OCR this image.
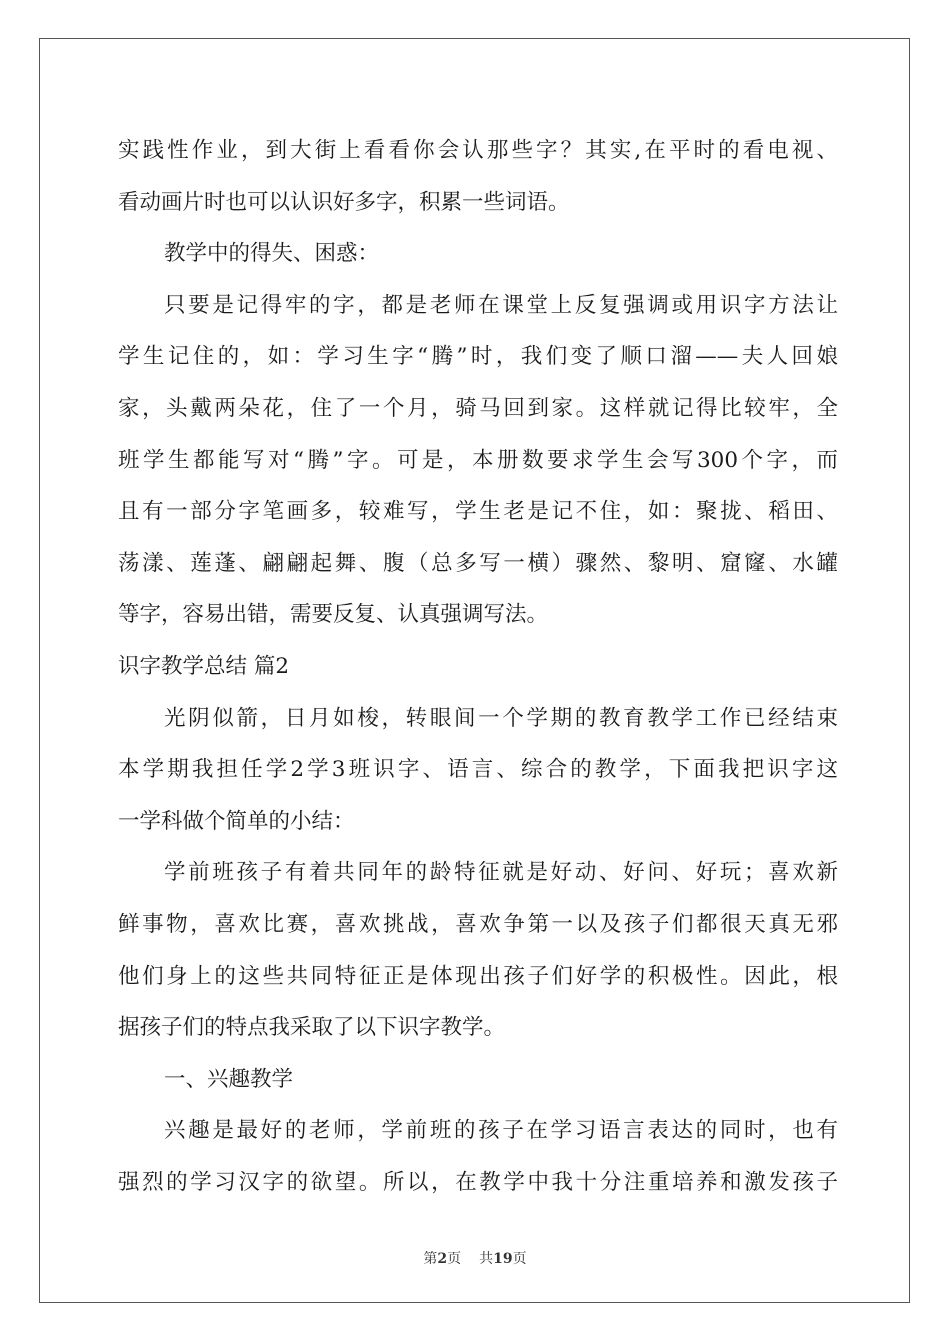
实践性作业，到大街上看看你会认那些字？其实,在平时的看电视、
看动画片时也可以认识好多字，积累一些词语。
教学中的得失、困惑：
只要是记得牢的字，都是老师在课堂上反复强调或用识字方法让
学生记住的，如：学习生字“腾”时，我们变了顺口溜——夫人回娘
家，头戴两朵花，住了一个月，骑马回到家。这样就记得比较牢，全
班学生都能写对“腾”字。可是，本册数要求学生会写300个字，而
且有一部分字笔画多，较难写，学生老是记不住，如：聚拢、稻田、
荡漾、莲蓬、翩翩起舞、腹（总多写一横）骤然、黎明、窟窿、水罐
等字，容易出错，需要反复、认真强调写法。
识字教学总结 篇2
光阴似箭，日月如梭，转眼间一个学期的教育教学工作已经结束
本学期我担任学2学3班识字、语言、综合的教学，下面我把识字这
一学科做个简单的小结：
学前班孩子有着共同年的龄特征就是好动、好问、好玩；喜欢新
鲜事物，喜欢比赛，喜欢挑战，喜欢争第一以及孩子们都很天真无邪
他们身上的这些共同特征正是体现出孩子们好学的积极性。因此，根
据孩子们的特点我采取了以下识字教学。
一、兴趣教学
兴趣是最好的老师，学前班的孩子在学习语言表达的同时，也有
强烈的学习汉字的欲望。所以，在教学中我十分注重培养和激发孩子
第2页 共19页
